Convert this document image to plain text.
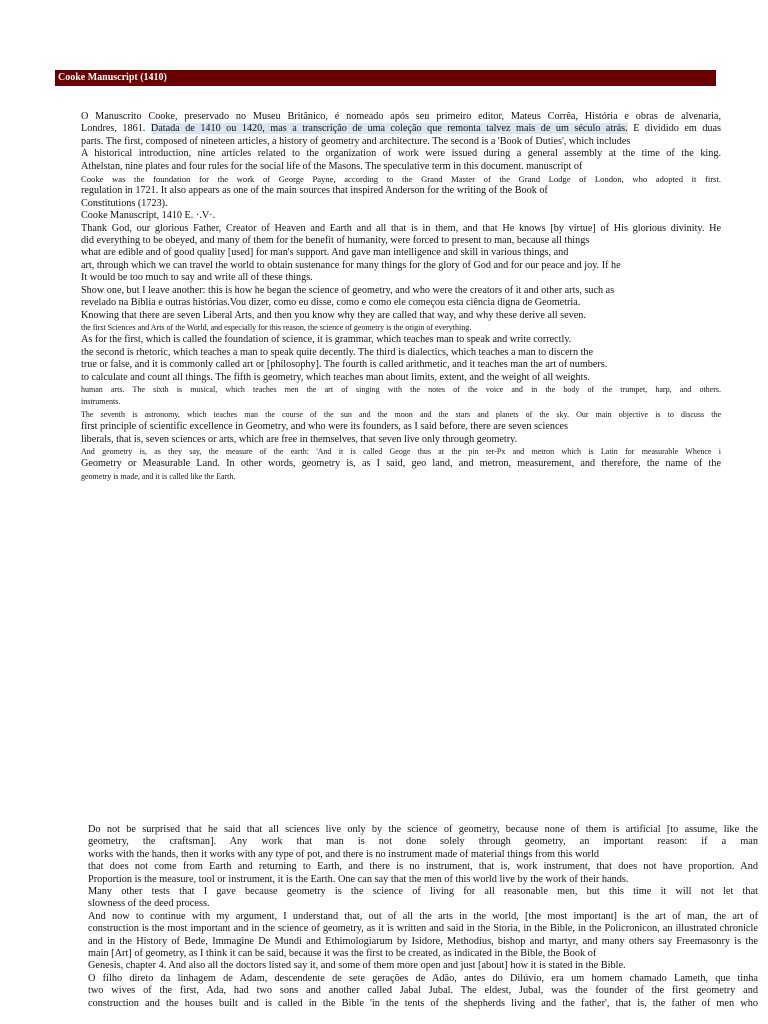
Cooke Manuscript (1410)
O Manuscrito Cooke, preservado no Museu Britânico, é nomeado após seu primeiro editor, Mateus Corrêa, História e obras de alvenaria,
Londres, 1861. Datada de 1410 ou 1420, mas a transcrição de uma coleção que remonta talvez mais de um século atrás. É dividido em duas
parts. The first, composed of nineteen articles, a history of geometry and architecture. The second is a 'Book of Duties', which includes
A historical introduction, nine articles related to the organization of work were issued during a general assembly at the time of the king.
Athelstan, nine plates and four rules for the social life of the Masons. The speculative term in this document. manuscript of
Cooke was the foundation for the work of George Payne, according to the Grand Master of the Grand Lodge of London, who adopted it first.
regulation in 1721. It also appears as one of the main sources that inspired Anderson for the writing of the Book of
Constitutions (1723).
Cooke Manuscript, 1410 E. ·.V·.
Thank God, our glorious Father, Creator of Heaven and Earth and all that is in them, and that He knows [by virtue] of His glorious divinity. He
did everything to be obeyed, and many of them for the benefit of humanity, were forced to present to man, because all things
what are edible and of good quality [used] for man's support. And gave man intelligence and skill in various things, and
art, through which we can travel the world to obtain sustenance for many things for the glory of God and for our peace and joy. If he
It would be too much to say and write all of these things.
Show one, but I leave another: this is how he began the science of geometry, and who were the creators of it and other arts, such as
revelado na Bíblia e outras histórias.Vou dizer, como eu disse, como e como ele começou esta ciência digna de Geometria.
Knowing that there are seven Liberal Arts, and then you know why they are called that way, and why these derive all seven.
the first Sciences and Arts of the World, and especially for this reason, the science of geometry is the origin of everything.
As for the first, which is called the foundation of science, it is grammar, which teaches man to speak and write correctly.
the second is rhetoric, which teaches a man to speak quite decently. The third is dialectics, which teaches a man to discern the
true or false, and it is commonly called art or [philosophy]. The fourth is called arithmetic, and it teaches man the art of numbers.
to calculate and count all things. The fifth is geometry, which teaches man about limits, extent, and the weight of all weights.
human arts. The sixth is musical, which teaches men the art of singing with the notes of the voice and in the body of the trumpet, harp, and others.
instruments.
The seventh is astronomy, which teaches man the course of the sun and the moon and the stars and planets of the sky. Our main objective is to discuss the
first principle of scientific excellence in Geometry, and who were its founders, as I said before, there are seven sciences
liberals, that is, seven sciences or arts, which are free in themselves, that seven live only through geometry.
And geometry is, as they say, the measure of the earth: 'And it is called Geoge thus at the pin ter-Px and metron which is Latin for measurable Whence i
Geometry or Measurable Land. In other words, geometry is, as I said, geo land, and metron, measurement, and therefore, the name of the
geometry is made, and it is called like the Earth.
Do not be surprised that he said that all sciences live only by the science of geometry, because none of them is artificial [to assume, like the
geometry, the craftsman]. Any work that man is not done solely through geometry, an important reason: if a man
works with the hands, then it works with any type of pot, and there is no instrument made of material things from this world
that does not come from Earth and returning to Earth, and there is no instrument, that is, work instrument, that does not have proportion. And
Proportion is the measure, tool or instrument, it is the Earth. One can say that the men of this world live by the work of their hands.
Many other tests that I gave because geometry is the science of living for all reasonable men, but this time it will not let that
slowness of the deed process.
And now to continue with my argument, I understand that, out of all the arts in the world, [the most important] is the art of man, the art of
construction is the most important and in the science of geometry, as it is written and said in the Storia, in the Bible, in the Policronicon, an illustrated chronicle
and in the History of Bede, Immagine De Mundi and Ethimologiarum by Isidore, Methodius, bishop and martyr, and many others say Freemasonry is the
main [Art] of geometry, as I think it can be said, because it was the first to be created, as indicated in the Bible, the Book of
Genesis, chapter 4. And also all the doctors listed say it, and some of them more open and just [about] how it is stated in the Bible.
O filho direto da linhagem de Adam, descendente de sete gerações de Adão, antes do Dilúvio, era um homem chamado Lameth, que tinha
two wives of the first, Ada, had two sons and another called Jabal Jubal. The eldest, Jubal, was the founder of the first geometry and
construction and the houses built and is called in the Bible 'in the tents of the shepherds living and the father', that is, the father of men who
